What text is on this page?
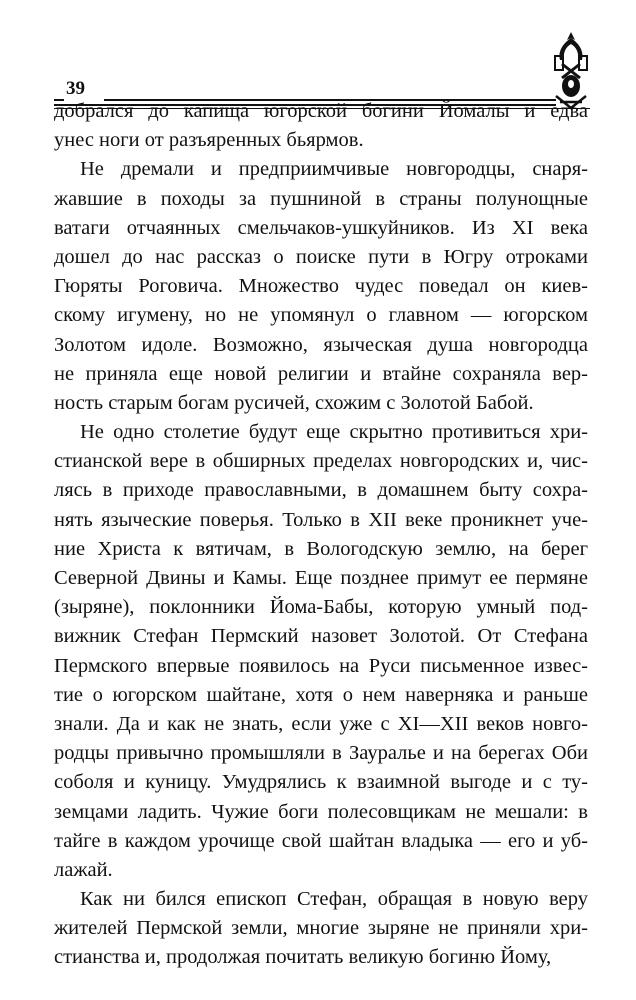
39
добрался до капища югорской богини Йомалы и едва
унес ноги от разъяренных бьярмов.
Не дремали и предприимчивые новгородцы, снаря-
жавшие в походы за пушниной в страны полунощные
ватаги отчаянных смельчаков-ушкуйников. Из XI века
дошел до нас рассказ о поиске пути в Югру отроками
Гюряты Роговича. Множество чудес поведал он киев-
скому игумену, но не упомянул о главном — югорском
Золотом идоле. Возможно, языческая душа новгородца
не приняла еще новой религии и втайне сохраняла вер-
ность старым богам русичей, схожим с Золотой Бабой.
Не одно столетие будут еще скрытно противиться хри-
стианской вере в обширных пределах новгородских и, чис-
лясь в приходе православными, в домашнем быту сохра-
нять языческие поверья. Только в XII веке проникнет уче-
ние Христа к вятичам, в Вологодскую землю, на берег
Северной Двины и Камы. Еще позднее примут ее пермяне
(зыряне), поклонники Йома-Бабы, которую умный под-
вижник Стефан Пермский назовет Золотой. От Стефана
Пермского впервые появилось на Руси письменное извес-
тие о югорском шайтане, хотя о нем наверняка и раньше
знали. Да и как не знать, если уже с XI—XII веков новго-
родцы привычно промышляли в Зауралье и на берегах Оби
соболя и куницу. Умудрялись к взаимной выгоде и с ту-
земцами ладить. Чужие боги полесовщикам не мешали: в
тайге в каждом урочище свой шайтан владыка — его и уб-
лажай.
Как ни бился епископ Стефан, обращая в новую веру
жителей Пермской земли, многие зыряне не приняли хри-
стианства и, продолжая почитать великую богиню Йому,
